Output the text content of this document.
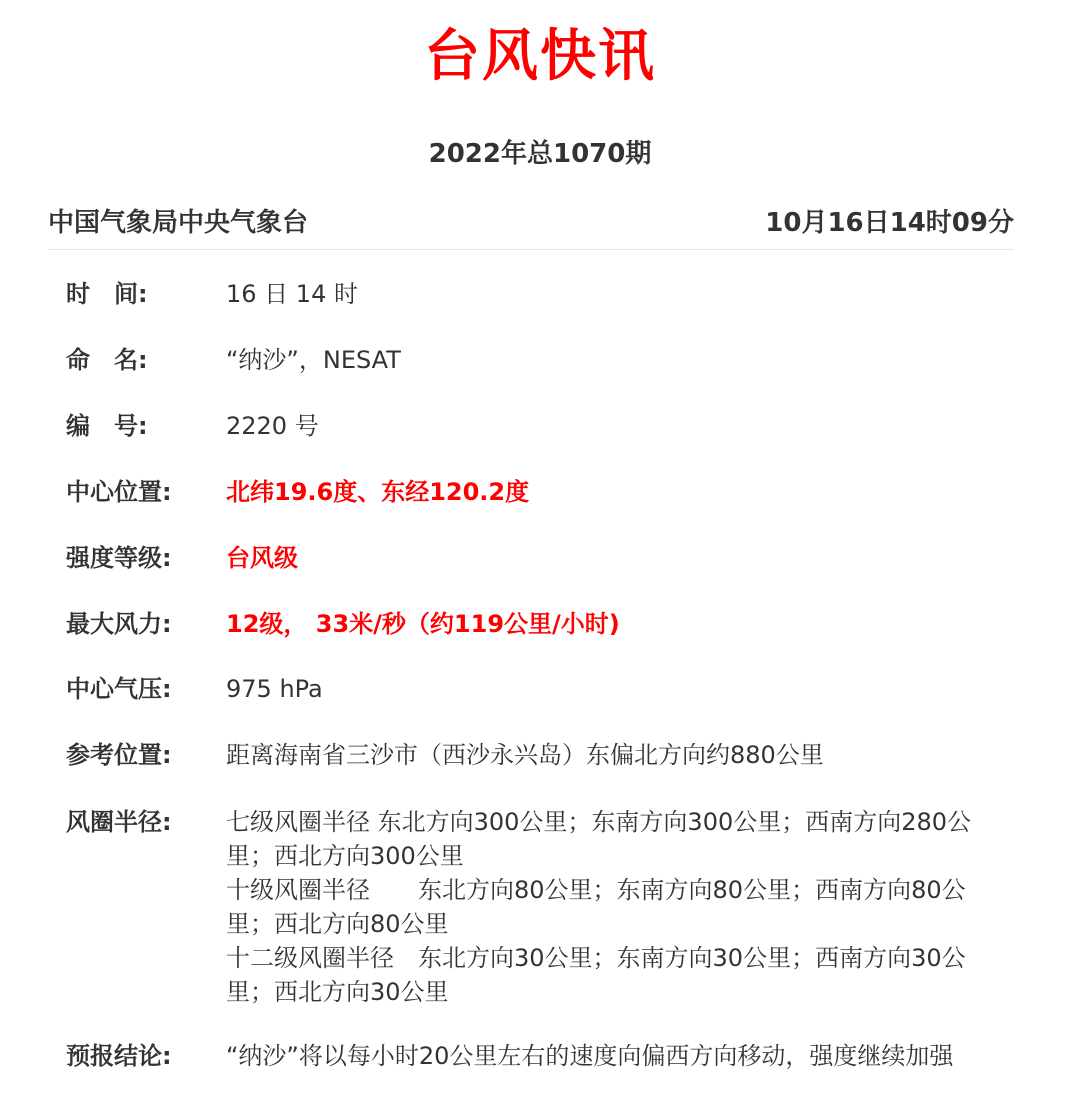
台风快讯
2022年总1070期
中国气象局中央气象台	10月16日14时09分
时　间:	16 日 14 时
命　名:	“纳沙”，NESAT
编　号:	2220 号
中心位置:	北纬19.6度、东经120.2度
强度等级:	台风级
最大风力:	12级， 33米/秒（约119公里/小时)
中心气压:	975 hPa
参考位置:	距离海南省三沙市（西沙永兴岛）东偏北方向约880公里
风圈半径:	七级风圈半径 东北方向300公里；东南方向300公里；西南方向280公里；西北方向300公里
十级风圈半径　　东北方向80公里；东南方向80公里；西南方向80公里；西北方向80公里
十二级风圈半径　东北方向30公里；东南方向30公里；西南方向30公里；西北方向30公里
预报结论:	“纳沙”将以每小时20公里左右的速度向偏西方向移动，强度继续加强
